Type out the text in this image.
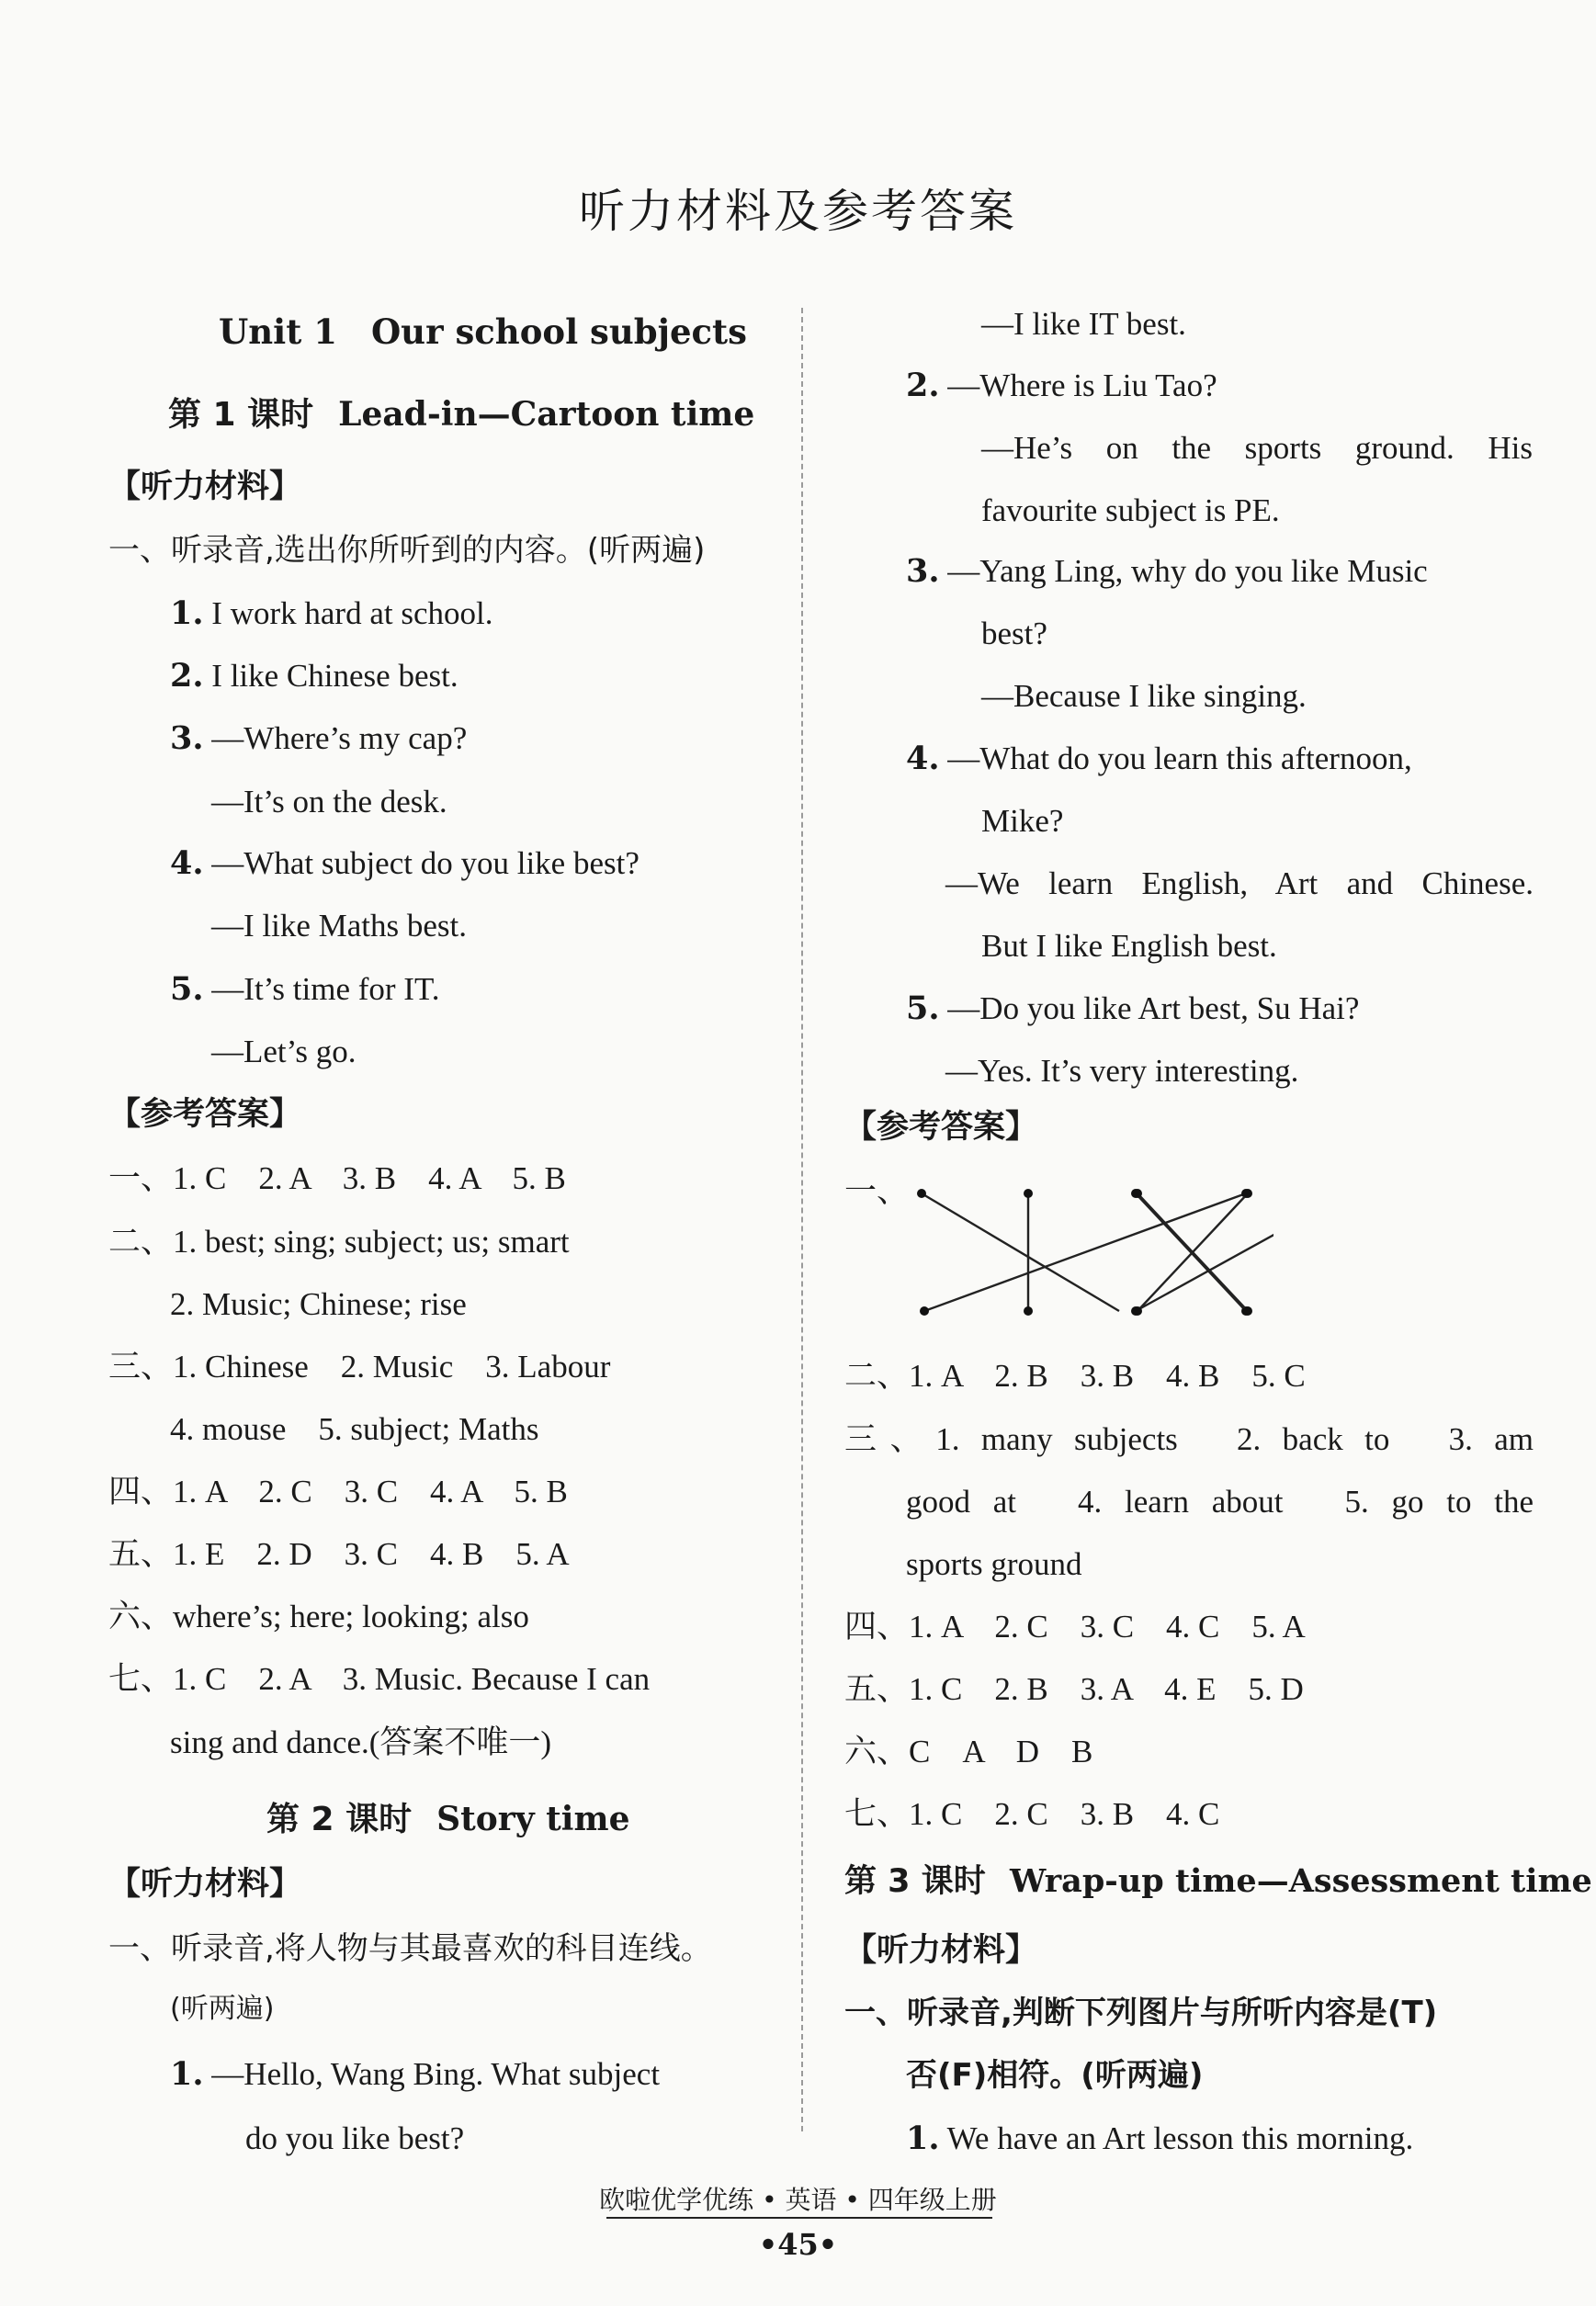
听力材料及参考答案
Unit 1　Our school subjects
第 1 课时 Lead-in—Cartoon time
【听力材料】
一、听录音,选出你所听到的内容。(听两遍)
1. I work hard at school.
2. I like Chinese best.
3. —Where’s my cap?
—It’s on the desk.
4. —What subject do you like best?
—I like Maths best.
5. —It’s time for IT.
—Let’s go.
【参考答案】
一、1. C　2. A　3. B　4. A　5. B
二、1. best; sing; subject; us; smart
2. Music; Chinese; rise
三、1. Chinese　2. Music　3. Labour
4. mouse　5. subject; Maths
四、1. A　2. C　3. C　4. A　5. B
五、1. E　2. D　3. C　4. B　5. A
六、where’s; here; looking; also
七、1. C　2. A　3. Music. Because I can
sing and dance.(答案不唯一)
第 2 课时 Story time
【听力材料】
一、听录音,将人物与其最喜欢的科目连线。
(听两遍)
1. —Hello, Wang Bing. What subject
do you like best?
—I like IT best.
2. —Where is Liu Tao?
—He’s on the sports ground. His
favourite subject is PE.
3. —Yang Ling, why do you like Music
best?
—Because I like singing.
4. —What do you learn this afternoon,
Mike?
—We learn English, Art and Chinese.
But I like English best.
5. —Do you like Art best, Su Hai?
—Yes. It’s very interesting.
【参考答案】
一、
二、1. A　2. B　3. B　4. B　5. C
三、1. many subjects　2. back to　3. am
good at　4. learn about　5. go to the
sports ground
四、1. A　2. C　3. C　4. C　5. A
五、1. C　2. B　3. A　4. E　5. D
六、C　A　D　B
七、1. C　2. C　3. B　4. C
第 3 课时 Wrap-up time—Assessment time
【听力材料】
一、听录音,判断下列图片与所听内容是(T)
否(F)相符。(听两遍)
1. We have an Art lesson this morning.
欧啦优学优练 • 英语 • 四年级上册
•45•
